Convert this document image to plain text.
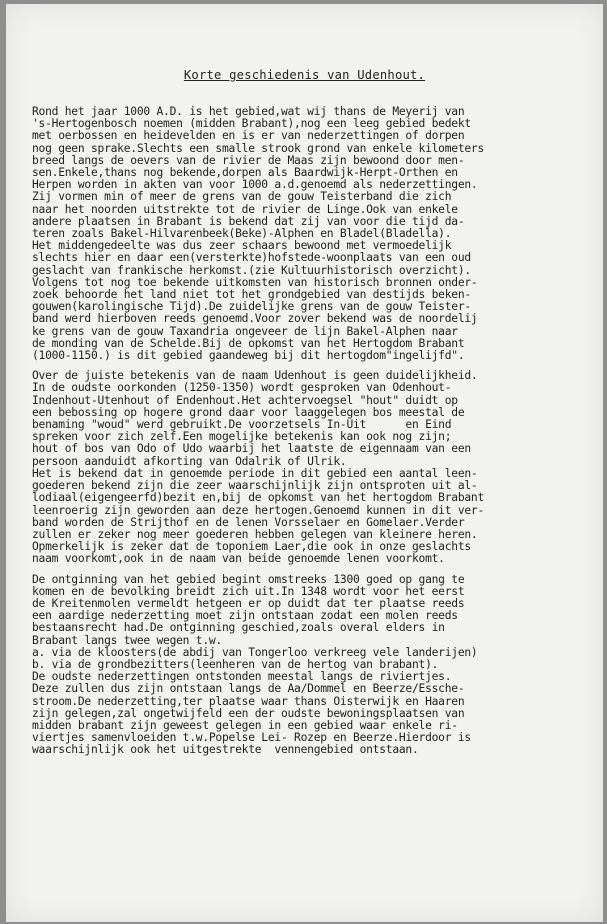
Korte geschiedenis van Udenhout.
Rond het jaar 1000 A.D. is het gebied,wat wij thans de Meyerij van
's-Hertogenbosch noemen (midden Brabant),nog een leeg gebied bedekt
met oerbossen en heidevelden en is er van nederzettingen of dorpen
nog geen sprake.Slechts een smalle strook grond van enkele kilometers
breed langs de oevers van de rivier de Maas zijn bewoond door men-
sen.Enkele,thans nog bekende,dorpen als Baardwijk-Herpt-Orthen en
Herpen worden in akten van voor 1000 a.d.genoemd als nederzettingen.
Zij vormen min of meer de grens van de gouw Teisterband die zich
naar het noorden uitstrekte tot de rivier de Linge.Ook van enkele
andere plaatsen in Brabant is bekend dat zij van voor die tijd da-
teren zoals Bakel-Hilvarenbeek(Beke)-Alphen en Bladel(Bladella).
Het middengedeelte was dus zeer schaars bewoond met vermoedelijk
slechts hier en daar een(versterkte)hofstede-woonplaats van een oud
geslacht van frankische herkomst.(zie Kultuurhistorisch overzicht).
Volgens tot nog toe bekende uitkomsten van historisch bronnen onder-
zoek behoorde het land niet tot het grondgebied van destijds beken-
gouwen(karolingische Tijd).De zuidelijke grens van de gouw Teister-
band werd hierboven reeds genoemd.Voor zover bekend was de noordelij
ke grens van de gouw Taxandria ongeveer de lijn Bakel-Alphen naar
de monding van de Schelde.Bij de opkomst van het Hertogdom Brabant
(1000-1150.) is dit gebied gaandeweg bij dit hertogdom"ingelijfd".
Over de juiste betekenis van de naam Udenhout is geen duidelijkheid.
In de oudste oorkonden (1250-1350) wordt gesproken van Odenhout-
Indenhout-Utenhout of Endenhout.Het achtervoegsel "hout" duidt op
een bebossing op hogere grond daar voor laaggelegen bos meestal de
benaming "woud" werd gebruikt.De voorzetsels In-Uit      en Eind
spreken voor zich zelf.Een mogelijke betekenis kan ook nog zijn;
hout of bos van Odo of Udo waarbij het laatste de eigennaam van een
persoon aanduidt afkorting van Odalrik of Ulrik.
Het is bekend dat in genoemde periode in dit gebied een aantal leen-
goederen bekend zijn die zeer waarschijnlijk zijn ontsproten uit al-
lodiaal(eigengeerfd)bezit en,bij de opkomst van het hertogdom Brabant
leenroerig zijn geworden aan deze hertogen.Genoemd kunnen in dit ver-
band worden de Strijthof en de lenen Vorsselaer en Gomelaer.Verder
zullen er zeker nog meer goederen hebben gelegen van kleinere heren.
Opmerkelijk is zeker dat de toponiem Laer,die ook in onze geslachts
naam voorkomt,ook in de naam van beide genoemde lenen voorkomt.
De ontginning van het gebied begint omstreeks 1300 goed op gang te
komen en de bevolking breidt zich uit.In 1348 wordt voor het eerst
de Kreitenmolen vermeldt hetgeen er op duidt dat ter plaatse reeds
een aardige nederzetting moet zijn ontstaan zodat een molen reeds
bestaansrecht had.De ontginning geschied,zoals overal elders in
Brabant langs twee wegen t.w.
a. via de kloosters(de abdij van Tongerloo verkreeg vele landerijen)
b. via de grondbezitters(leenheren van de hertog van brabant).
De oudste nederzettingen ontstonden meestal langs de riviertjes.
Deze zullen dus zijn ontstaan langs de Aa/Dommel en Beerze/Essche-
stroom.De nederzetting,ter plaatse waar thans Oisterwijk en Haaren
zijn gelegen,zal ongetwijfeld een der oudste bewoningsplaatsen van
midden brabant zijn geweest gelegen in een gebied waar enkele ri-
viertjes samenvloeiden t.w.Popelse Lei- Rozep en Beerze.Hierdoor is
waarschijnlijk ook het uitgestrekte  vennengebied ontstaan.
